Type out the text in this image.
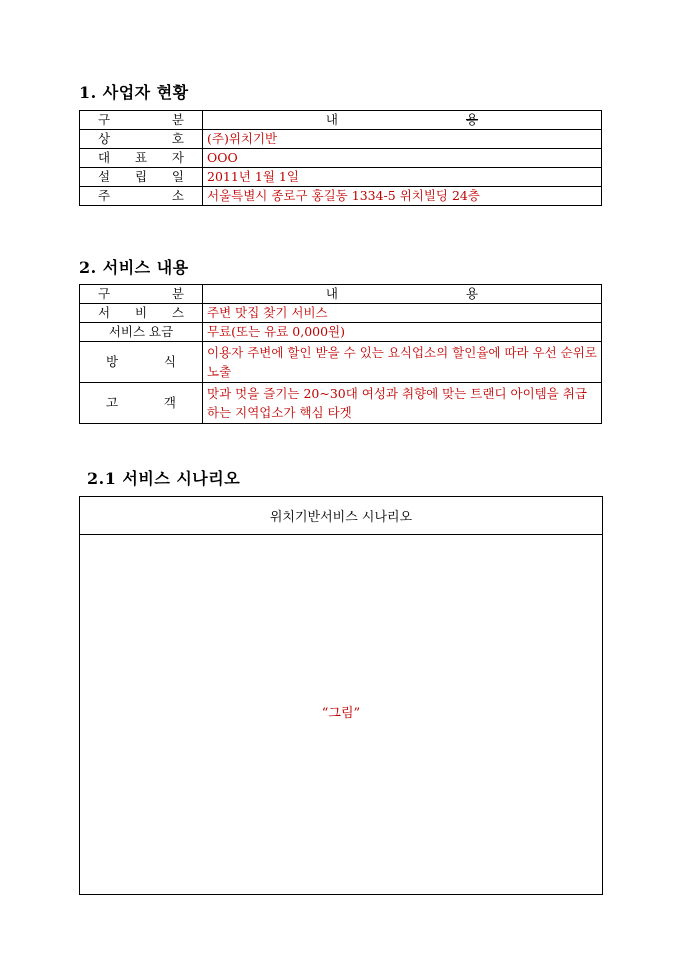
1. 사업자 현황
구 분	내 용

상 호	(주)위치기반

대 표 자	OOO

설 립 일	2011년 1월 1일

주 소	서울특별시 종로구 홍길동 1334-5 위치빌딩 24층
2. 서비스 내용
구 분	내 용

서 비 스	주변 맛집 찾기 서비스
서비스 요금	무료(또는 유료 0,000원)

방 식	이용자 주변에 할인 받을 수 있는 요식업소의 할인율에 따라 우선 순위로 노출

고 객	맛과 멋을 즐기는 20~30대 여성과 취향에 맞는 트랜디 아이템을 취급하는 지역업소가 핵심 타겟
2.1 서비스 시나리오
위치기반서비스 시나리오
“그림”
